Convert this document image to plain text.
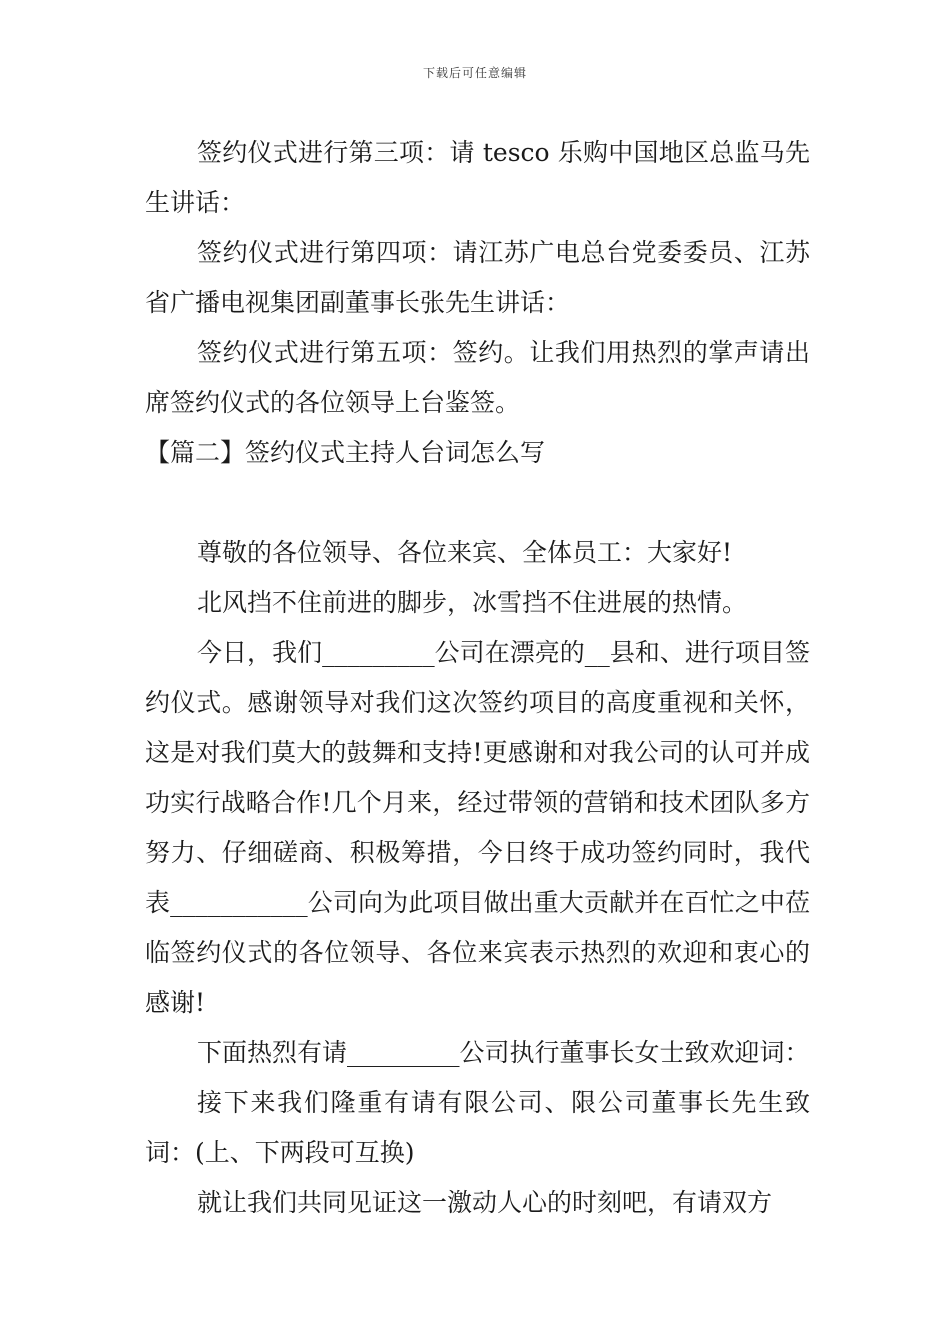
下载后可任意编辑

签约仪式进行第三项：请 tesco 乐购中国地区总监马先生讲话：

签约仪式进行第四项：请江苏广电总台党委委员、江苏省广播电视集团副董事长张先生讲话：

签约仪式进行第五项：签约。让我们用热烈的掌声请出席签约仪式的各位领导上台鉴签。

【篇二】签约仪式主持人台词怎么写

尊敬的各位领导、各位来宾、全体员工：大家好!

北风挡不住前进的脚步，冰雪挡不住进展的热情。

今日，我们_________公司在漂亮的__县和、进行项目签约仪式。感谢领导对我们这次签约项目的高度重视和关怀，这是对我们莫大的鼓舞和支持!更感谢和对我公司的认可并成功实行战略合作!几个月来，经过带领的营销和技术团队多方努力、仔细磋商、积极筹措，今日终于成功签约同时，我代表___________公司向为此项目做出重大贡献并在百忙之中莅临签约仪式的各位领导、各位来宾表示热烈的欢迎和衷心的感谢!

下面热烈有请_________公司执行董事长女士致欢迎词：

接下来我们隆重有请有限公司、限公司董事长先生致词：(上、下两段可互换)

就让我们共同见证这一激动人心的时刻吧，有请双方
